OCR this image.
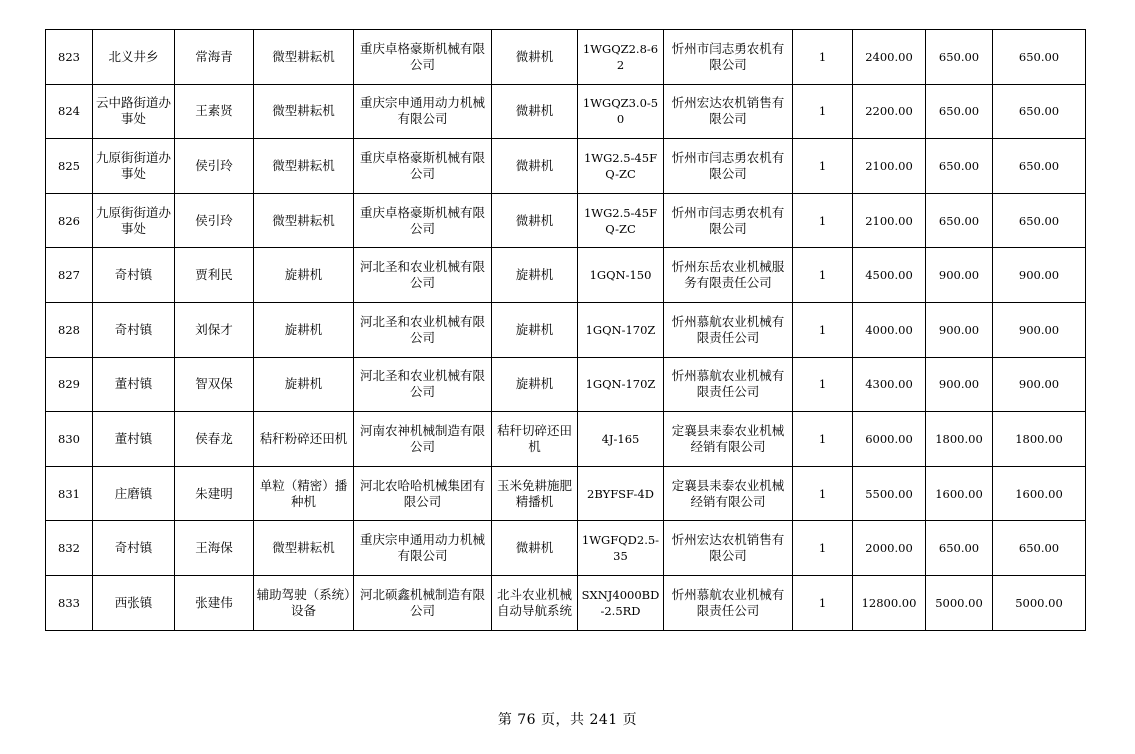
823	北义井乡	常海青	微型耕耘机	重庆卓格豪斯机械有限公司	微耕机	1WGQZ2.8-62	忻州市闫志勇农机有限公司	1	2400.00	650.00	650.00
824	云中路街道办事处	王素贤	微型耕耘机	重庆宗申通用动力机械有限公司	微耕机	1WGQZ3.0-50	忻州宏达农机销售有限公司	1	2200.00	650.00	650.00
825	九原街街道办事处	侯引玲	微型耕耘机	重庆卓格豪斯机械有限公司	微耕机	1WG2.5-45FQ-ZC	忻州市闫志勇农机有限公司	1	2100.00	650.00	650.00
826	九原街街道办事处	侯引玲	微型耕耘机	重庆卓格豪斯机械有限公司	微耕机	1WG2.5-45FQ-ZC	忻州市闫志勇农机有限公司	1	2100.00	650.00	650.00
827	奇村镇	贾利民	旋耕机	河北圣和农业机械有限公司	旋耕机	1GQN-150	忻州东岳农业机械服务有限责任公司	1	4500.00	900.00	900.00
828	奇村镇	刘保才	旋耕机	河北圣和农业机械有限公司	旋耕机	1GQN-170Z	忻州慕航农业机械有限责任公司	1	4000.00	900.00	900.00
829	董村镇	智双保	旋耕机	河北圣和农业机械有限公司	旋耕机	1GQN-170Z	忻州慕航农业机械有限责任公司	1	4300.00	900.00	900.00
830	董村镇	侯春龙	秸秆粉碎还田机	河南农神机械制造有限公司	秸秆切碎还田机	4J-165	定襄县耒泰农业机械经销有限公司	1	6000.00	1800.00	1800.00
831	庄磨镇	朱建明	单粒（精密）播种机	河北农哈哈机械集团有限公司	玉米免耕施肥精播机	2BYFSF-4D	定襄县耒泰农业机械经销有限公司	1	5500.00	1600.00	1600.00
832	奇村镇	王海保	微型耕耘机	重庆宗申通用动力机械有限公司	微耕机	1WGFQD2.5-35	忻州宏达农机销售有限公司	1	2000.00	650.00	650.00
833	西张镇	张建伟	辅助驾驶（系统）设备	河北硕鑫机械制造有限公司	北斗农业机械自动导航系统	SXNJ4000BD-2.5RD	忻州慕航农业机械有限责任公司	1	12800.00	5000.00	5000.00
第 76 页，共 241 页
